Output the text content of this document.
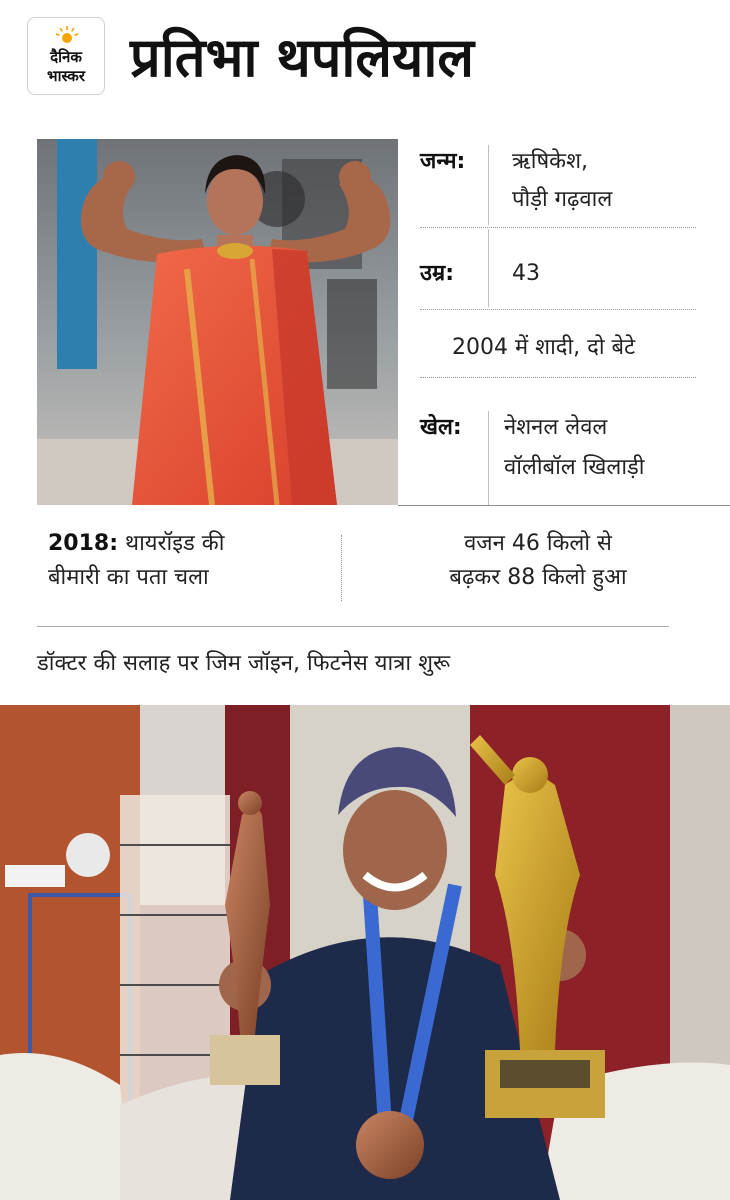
दैनिक
भास्कर प्रतिभा थपलियाल
जन्म: ऋषिकेश,
पौड़ी गढ़वाल
उम्र:	43
2004 में शादी, दो बेटे
खेल: नेशनल लेवल
वॉलीबॉल खिलाड़ी
2018: थायरॉइड की
बीमारी का पता चला
वजन 46 किलो से
बढ़कर 88 किलो हुआ
डॉक्टर की सलाह पर जिम जॉइन, फिटनेस यात्रा शुरू
